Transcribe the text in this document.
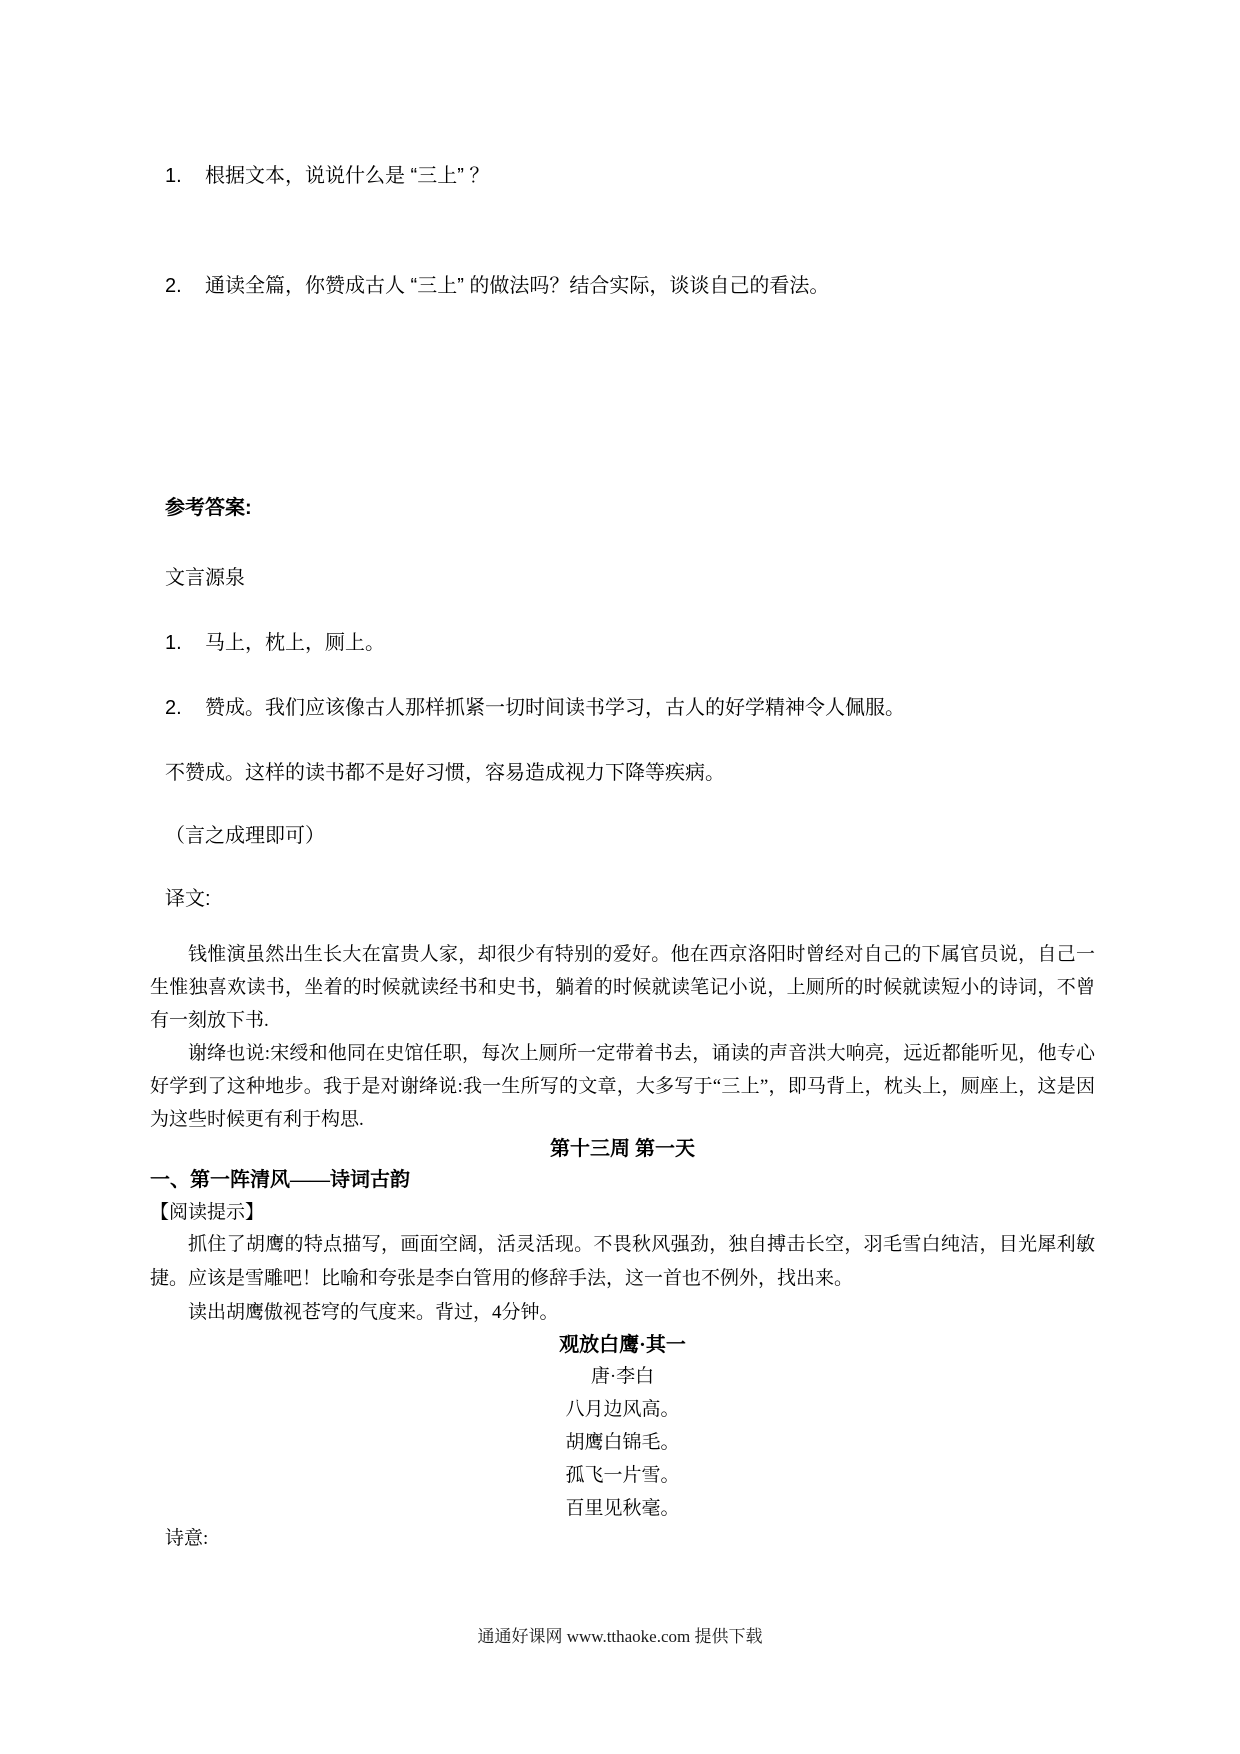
1.	根据文本，说说什么是 “三上” ？
2.	通读全篇，你赞成古人 “三上” 的做法吗？结合实际，谈谈自己的看法。
参考答案:
文言源泉
1.	马上，枕上，厕上。
2.	赞成。我们应该像古人那样抓紧一切时间读书学习，古人的好学精神令人佩服。
不赞成。这样的读书都不是好习惯，容易造成视力下降等疾病。
（言之成理即可）
译文:
钱惟演虽然出生长大在富贵人家，却很少有特别的爱好。他在西京洛阳时曾经对自己的下属官员说，自己一生惟独喜欢读书，坐着的时候就读经书和史书，躺着的时候就读笔记小说，上厕所的时候就读短小的诗词，不曾有一刻放下书.
谢绛也说:宋绶和他同在史馆任职，每次上厕所一定带着书去，诵读的声音洪大响亮，远近都能听见，他专心好学到了这种地步。我于是对谢绛说:我一生所写的文章，大多写于“三上”，即马背上，枕头上，厕座上，这是因为这些时候更有利于构思.
第十三周 第一天
一、第一阵清风——诗词古韵
【阅读提示】
抓住了胡鹰的特点描写，画面空阔，活灵活现。不畏秋风强劲，独自搏击长空，羽毛雪白纯洁，目光犀利敏捷。应该是雪雕吧！比喻和夸张是李白管用的修辞手法，这一首也不例外，找出来。
读出胡鹰傲视苍穹的气度来。背过，4分钟。
观放白鹰·其一
唐·李白
八月边风高。
胡鹰白锦毛。
孤飞一片雪。
百里见秋毫。
诗意:
通通好课网 www.tthaoke.com 提供下载
